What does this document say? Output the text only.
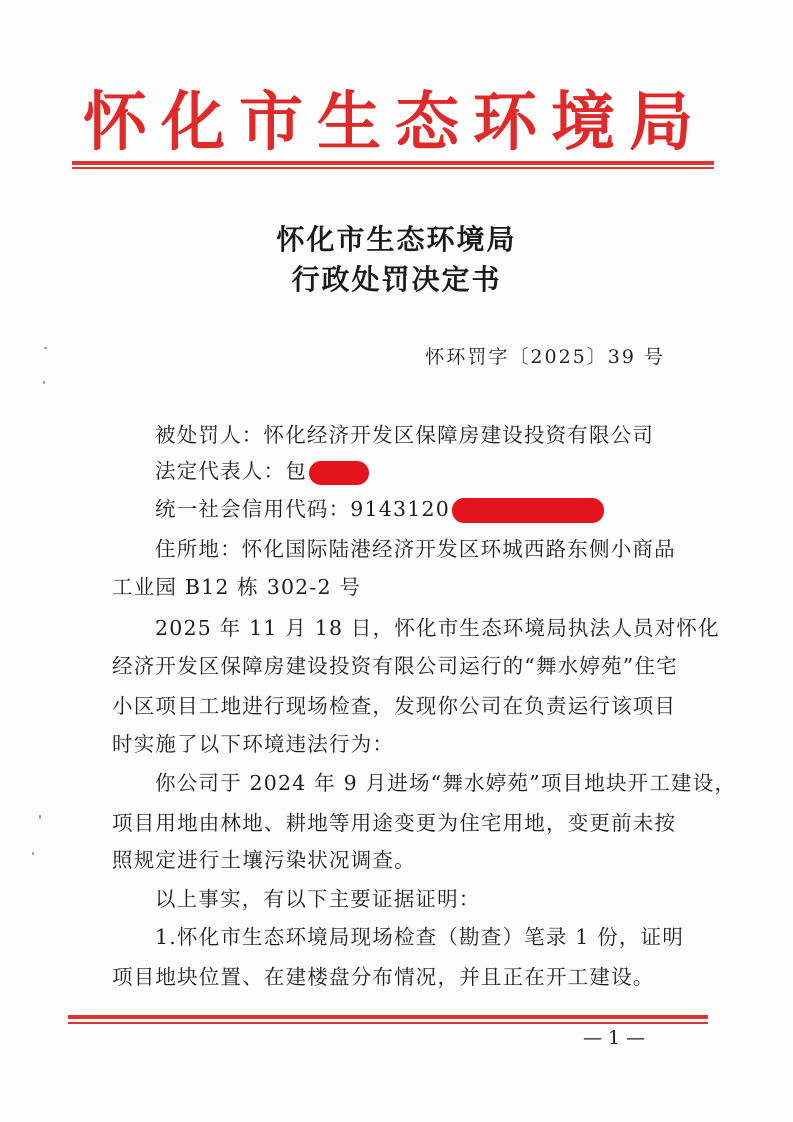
怀化市生态环境局
怀化市生态环境局
行政处罚决定书
怀环罚字〔2025〕39 号
被处罚人：怀化经济开发区保障房建设投资有限公司
法定代表人：包
统一社会信用代码：9143120
住所地：怀化国际陆港经济开发区环城西路东侧小商品
工业园 B12 栋 302-2 号
2025 年 11 月 18 日，怀化市生态环境局执法人员对怀化
经济开发区保障房建设投资有限公司运行的“舞水婷苑”住宅
小区项目工地进行现场检查，发现你公司在负责运行该项目
时实施了以下环境违法行为：
你公司于 2024 年 9 月进场“舞水婷苑”项目地块开工建设，
项目用地由林地、耕地等用途变更为住宅用地，变更前未按
照规定进行土壤污染状况调查。
以上事实，有以下主要证据证明：
1.怀化市生态环境局现场检查（勘查）笔录 1 份，证明
项目地块位置、在建楼盘分布情况，并且正在开工建设。
— 1 —
